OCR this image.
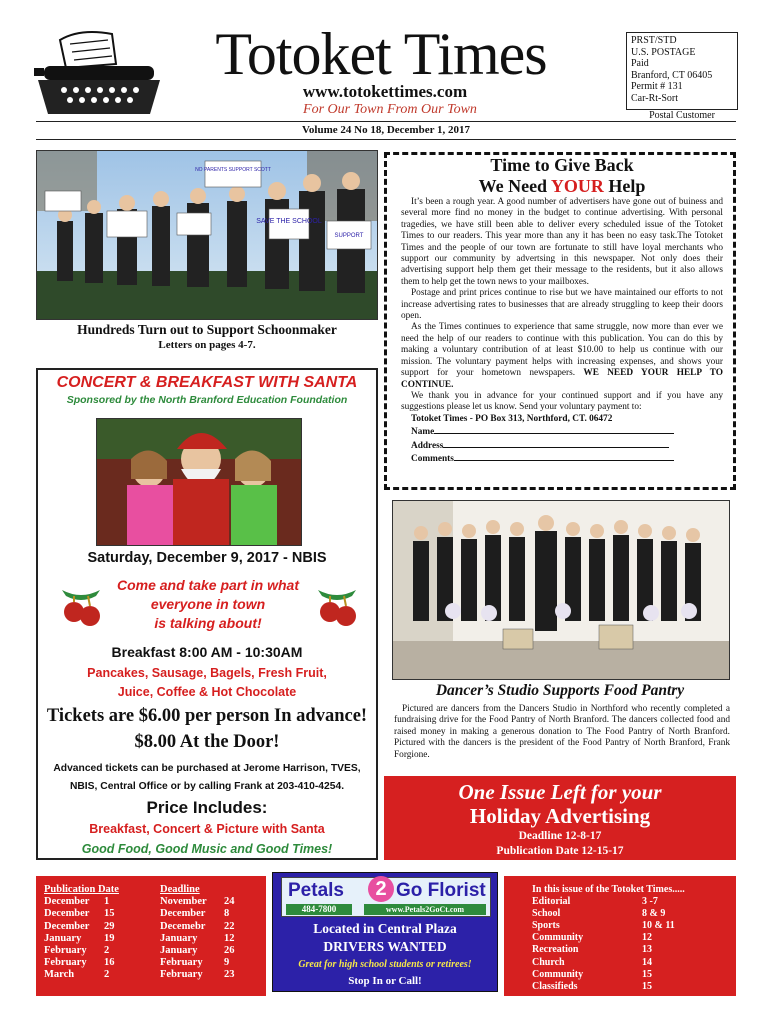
Totoket Times
www.totokettimes.com
For Our Town From Our Town
PRST/STD
U.S. POSTAGE
Paid
Branford, CT 06405
Permit # 131
Car-Rt-Sort
Postal Customer
Volume 24 No 18, December 1, 2017
NO PARENTS SUPPORT SCOTT
SAVE THE SCHOOL
SUPPORT
Hundreds Turn out to Support Schoonmaker
Letters on pages 4-7.
Time to Give Back
We Need YOUR Help

It’s been a rough year. A good number of advertisers have gone out of buiness and several more find no money in the budget to continue advertising. With personal tragedies, we have still been able to deliver every scheduled issue of the Totoket Times to our readers. This year more than any it has been no easy task.The Totoket Times and the people of our town are fortunate to still have loyal merchants who support our community by advertsing in this newspaper. Not only does their advertising support help them get their message to the residents, but it also allows them to help get the town news to your mailboxes.

Postage and print prices continue to rise but we have maintained our efforts to not increase advertising rates to businesses that are already struggling to keep their doors open.

As the Times continues to experience that same struggle, now more than ever we need the help of our readers to continue with this publication. You can do this by making a voluntary contribution of at least $10.00 to help us continue with our mission. The voluntary payment helps with increasing expenses, and shows your support for your hometown newspapers. WE NEED YOUR HELP TO CONTINUE.

We thank you in advance for your continued support and if you have any suggestions please let us know. Send your voluntary payment to:

Totoket Times - PO Box 313, Northford, CT. 06472
Name
Address
Comments
Dancer’s Studio Supports Food Pantry
Pictured are dancers from the Dancers Studio in Northford who recently completed a fundraising drive for the Food Pantry of North Branford. The dancers collected food and raised money in making a generous donation to The Food Pantry of North Branford. Pictured with the dancers is the president of the Food Pantry of North Branford, Frank Forgione.
CONCERT & BREAKFAST WITH SANTA
Sponsored by the North Branford Education Foundation
Saturday, December 9, 2017 - NBIS
Come and take part in what
everyone in town
is talking about!
Breakfast 8:00 AM - 10:30AM
Pancakes, Sausage, Bagels, Fresh Fruit,
Juice, Coffee & Hot Chocolate
Tickets are $6.00 per person In advance!
$8.00 At the Door!
Advanced tickets can be purchased at Jerome Harrison, TVES,
NBIS, Central Office or by calling Frank at 203-410-4254.
Price Includes:
Breakfast, Concert & Picture with Santa
Good Food, Good Music and Good Times!
One Issue Left for your
Holiday Advertising
Deadline 12-8-17
Publication Date 12-15-17
Publication Date		Deadline	
December	1	November	24
December	15	December	8
December	29	Decemebr	22
January	19	January	12
February	2	January	26
February	16	February	9
March	2	February	23
Petals	2 Go Florist
484-7800	www.Petals2GoCt.com
Located in Central Plaza
DRIVERS WANTED
Great for high school students or retirees!
Stop In or Call!
In this issue of the Totoket Times.....
Editorial	3 -7
School	8 & 9
Sports	10 & 11
Community	12
Recreation	13
Church	14
Community	15
Classifieds	15
